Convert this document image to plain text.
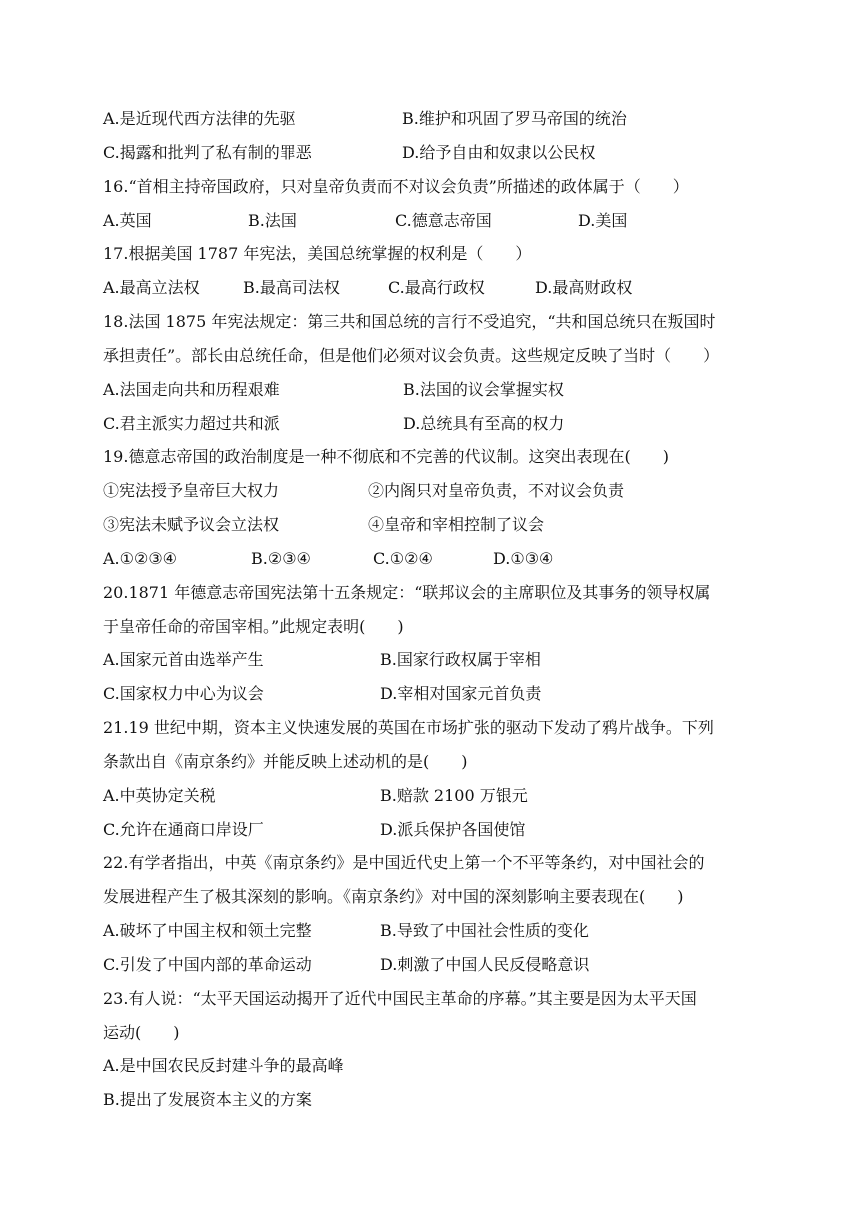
A.是近现代西方法律的先驱	B.维护和巩固了罗马帝国的统治
C.揭露和批判了私有制的罪恶	D.给予自由和奴隶以公民权
16.“首相主持帝国政府，只对皇帝负责而不对议会负责”所描述的政体属于（　　）
A.英国	B.法国	C.德意志帝国	D.美国
17.根据美国 1787 年宪法，美国总统掌握的权利是（　　）
A.最高立法权	B.最高司法权	C.最高行政权	D.最高财政权
18.法国 1875 年宪法规定：第三共和国总统的言行不受追究，“共和国总统只在叛国时
承担责任”。部长由总统任命，但是他们必须对议会负责。这些规定反映了当时（　　）
A.法国走向共和历程艰难	B.法国的议会掌握实权
C.君主派实力超过共和派	D.总统具有至高的权力
19.德意志帝国的政治制度是一种不彻底和不完善的代议制。这突出表现在(　　)
①宪法授予皇帝巨大权力	②内阁只对皇帝负责，不对议会负责
③宪法未赋予议会立法权	④皇帝和宰相控制了议会
A.①②③④	B.②③④	C.①②④	D.①③④
20.1871 年德意志帝国宪法第十五条规定：“联邦议会的主席职位及其事务的领导权属
于皇帝任命的帝国宰相。”此规定表明(　　)
A.国家元首由选举产生	B.国家行政权属于宰相
C.国家权力中心为议会	D.宰相对国家元首负责
21.19 世纪中期，资本主义快速发展的英国在市场扩张的驱动下发动了鸦片战争。下列
条款出自《南京条约》并能反映上述动机的是(　　)
A.中英协定关税	B.赔款 2100 万银元
C.允许在通商口岸设厂	D.派兵保护各国使馆
22.有学者指出，中英《南京条约》是中国近代史上第一个不平等条约，对中国社会的
发展进程产生了极其深刻的影响。《南京条约》对中国的深刻影响主要表现在(　　)
A.破坏了中国主权和领土完整	B.导致了中国社会性质的变化
C.引发了中国内部的革命运动	D.刺激了中国人民反侵略意识
23.有人说：“太平天国运动揭开了近代中国民主革命的序幕。”其主要是因为太平天国
运动(　　)
A.是中国农民反封建斗争的最高峰
B.提出了发展资本主义的方案
